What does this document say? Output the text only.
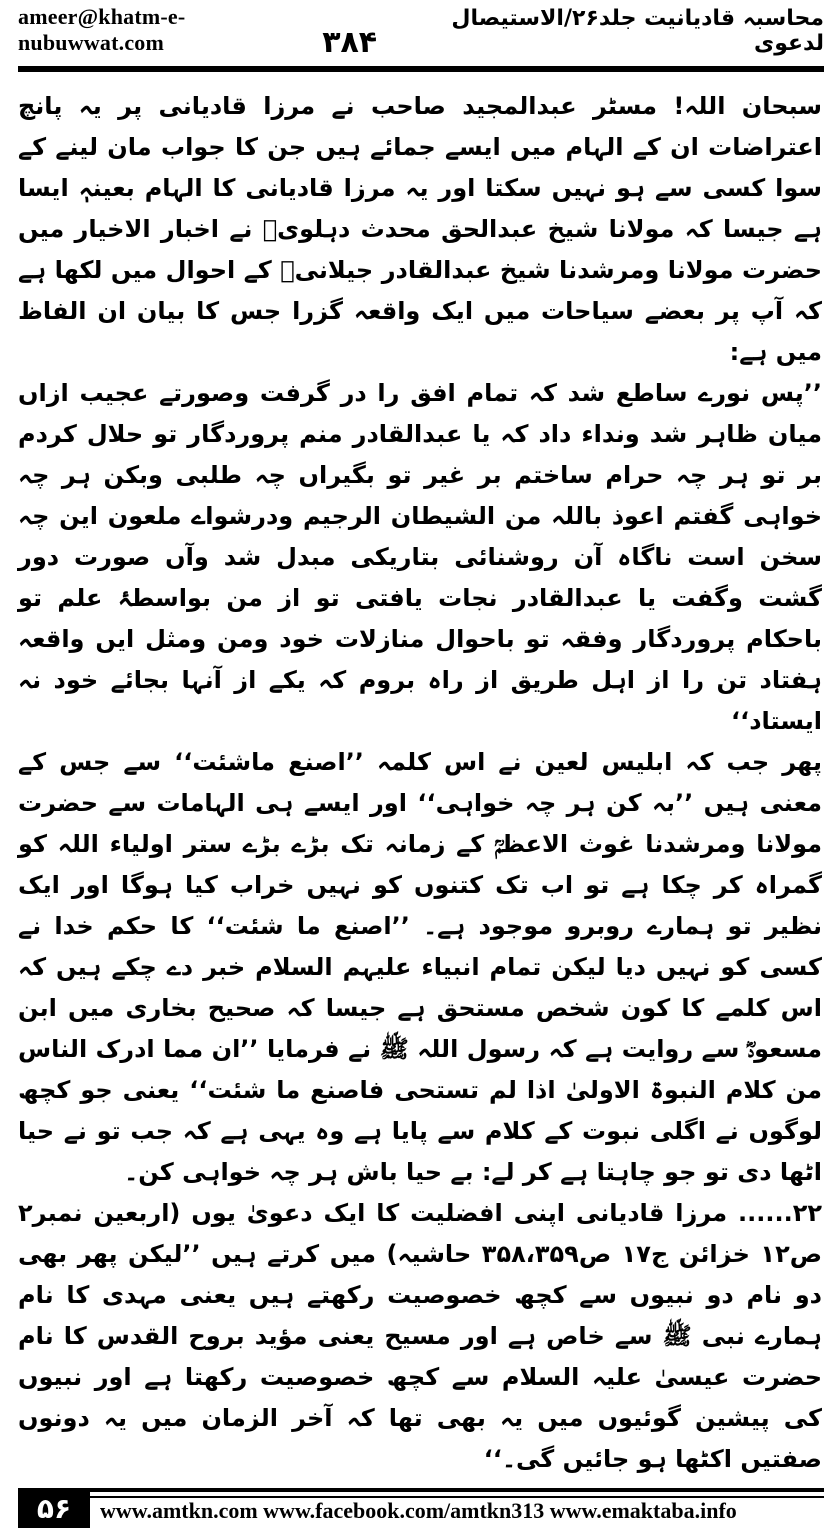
ameer@khatm-e-nubuwwat.com	۳۸۴
محاسبہ قادیانیت جلد۲۶/الاستیصال لدعوی

سبحان اللہ! مسٹر عبدالمجید صاحب نے مرزا قادیانی پر یہ پانچ اعتراضات ان کے الہام میں ایسے جمائے ہیں جن کا جواب مان لینے کے سوا کسی سے ہو نہیں سکتا اور یہ مرزا قادیانی کا الہام بعینہٖ ایسا ہے جیسا کہ مولانا شیخ عبدالحق محدث دہلویؒ نے اخبار الاخیار میں حضرت مولانا ومرشدنا شیخ عبدالقادر جیلانیؒ کے احوال میں لکھا ہے کہ آپ پر بعضے سیاحات میں ایک واقعہ گزرا جس کا بیان ان الفاظ میں ہے:

’’پس نورے ساطع شد کہ تمام افق را در گرفت وصورتے عجیب ازاں میان ظاہر شد ونداء داد کہ یا عبدالقادر منم پروردگار تو حلال کردم بر تو ہر چہ حرام ساختم بر غیر تو بگیراں چہ طلبی وبکن ہر چہ خواہی گفتم اعوذ باللہ من الشیطان الرجیم ودرشواے ملعون این چہ سخن است ناگاہ آن روشنائی بتاریکی مبدل شد وآں صورت دور گشت وگفت یا عبدالقادر نجات یافتی تو از من بواسطۂ علم تو باحکام پروردگار وفقہ تو باحوال منازلات خود ومن ومثل ایں واقعہ ہفتاد تن را از اہل طریق از راہ بروم کہ یکے از آنہا بجائے خود نہ ایستاد‘‘

پھر جب کہ ابلیس لعین نے اس کلمہ ’’اصنع ماشئت‘‘ سے جس کے معنی ہیں ’’بہ کن ہر چہ خواہی‘‘ اور ایسے ہی الہامات سے حضرت مولانا ومرشدنا غوث الاعظمؒ کے زمانہ تک بڑے بڑے ستر اولیاء اللہ کو گمراہ کر چکا ہے تو اب تک کتنوں کو نہیں خراب کیا ہوگا اور ایک نظیر تو ہمارے روبرو موجود ہے۔ ’’اصنع ما شئت‘‘ کا حکم خدا نے کسی کو نہیں دیا لیکن تمام انبیاء علیہم السلام خبر دے چکے ہیں کہ اس کلمے کا کون شخص مستحق ہے جیسا کہ صحیح بخاری میں ابن مسعودؓ سے روایت ہے کہ رسول اللہ ﷺ نے فرمایا ’’ان مما ادرک الناس من کلام النبوۃ الاولیٰ اذا لم تستحی فاصنع ما شئت‘‘ یعنی جو کچھ لوگوں نے اگلی نبوت کے کلام سے پایا ہے وہ یہی ہے کہ جب تو نے حیا اٹھا دی تو جو چاہتا ہے کر لے: بے حیا باش ہر چہ خواہی کن۔

۲۲...... مرزا قادیانی اپنی افضلیت کا ایک دعویٰ یوں (اربعین نمبر۲ ص۱۲ خزائن ج۱۷ ص۳۵۸،۳۵۹ حاشیہ) میں کرتے ہیں ’’لیکن پھر بھی دو نام دو نبیوں سے کچھ خصوصیت رکھتے ہیں یعنی مہدی کا نام ہمارے نبی ﷺ سے خاص ہے اور مسیح یعنی مؤید بروح القدس کا نام حضرت عیسیٰ علیہ السلام سے کچھ خصوصیت رکھتا ہے اور نبیوں کی پیشین گوئیوں میں یہ بھی تھا کہ آخر الزمان میں یہ دونوں صفتیں اکٹھا ہو جائیں گی۔‘‘

۵۶	www.amtkn.com www.facebook.com/amtkn313 www.emaktaba.info
